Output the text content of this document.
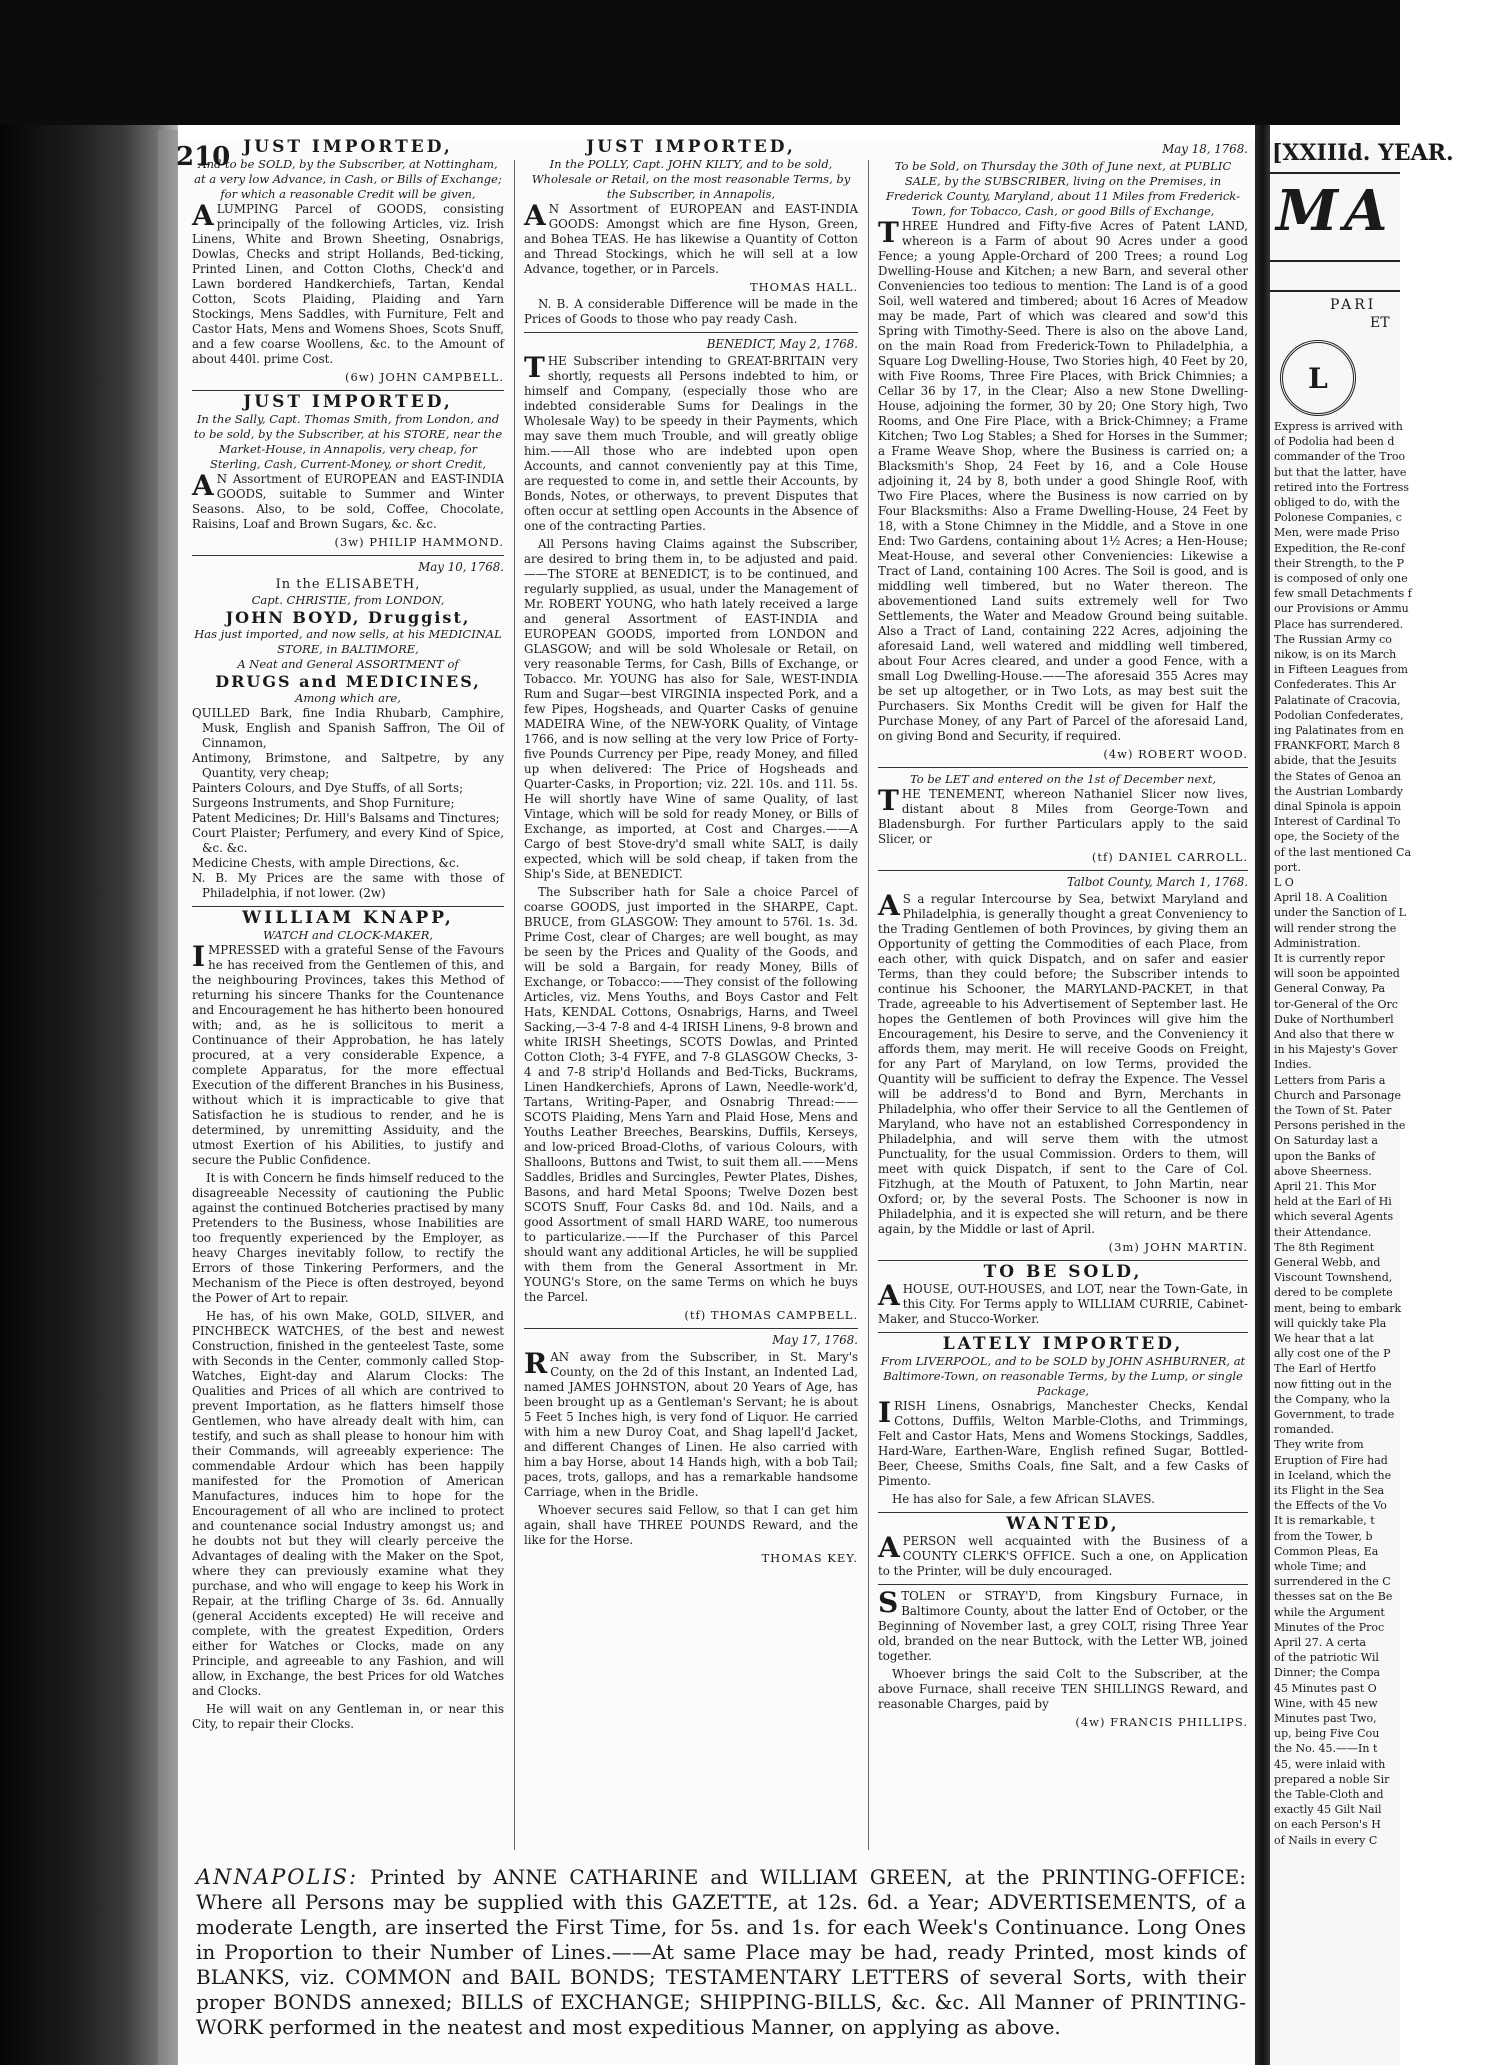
210 JUST IMPORTED,
And to be SOLD, by the Subscriber, at Nottingham, at a very low Advance, in Cash, or Bills of Exchange; for which a reasonable Credit will be given,

ALUMPING Parcel of GOODS, consisting principally of the following Articles, viz. Irish Linens, White and Brown Sheeting, Osnabrigs, Dowlas, Checks and stript Hollands, Bed-ticking, Printed Linen, and Cotton Cloths, Check'd and Lawn bordered Handkerchiefs, Tartan, Kendal Cotton, Scots Plaiding, Plaiding and Yarn Stockings, Mens Saddles, with Furniture, Felt and Castor Hats, Mens and Womens Shoes, Scots Snuff, and a few coarse Woollens, &c. to the Amount of about 440l. prime Cost.

(6w) JOHN CAMPBELL.
JUST IMPORTED,
In the Sally, Capt. Thomas Smith, from London, and to be sold, by the Subscriber, at his STORE, near the Market-House, in Annapolis, very cheap, for Sterling, Cash, Current-Money, or short Credit,

AN Assortment of EUROPEAN and EAST-INDIA GOODS, suitable to Summer and Winter Seasons. Also, to be sold, Coffee, Chocolate, Raisins, Loaf and Brown Sugars, &c. &c.

(3w) PHILIP HAMMOND.
May 10, 1768.
In the ELISABETH,
Capt. CHRISTIE, from LONDON,
JOHN BOYD, Druggist,
Has just imported, and now sells, at his MEDICINAL STORE, in BALTIMORE,
A Neat and General ASSORTMENT of
DRUGS and MEDICINES,
Among which are,
QUILLED Bark, fine India Rhubarb, Camphire, Musk, English and Spanish Saffron, The Oil of Cinnamon,
Antimony, Brimstone, and Saltpetre, by any Quantity, very cheap;
Painters Colours, and Dye Stuffs, of all Sorts;
Surgeons Instruments, and Shop Furniture;
Patent Medicines; Dr. Hill's Balsams and Tinctures;
Court Plaister; Perfumery, and every Kind of Spice, &c. &c.
Medicine Chests, with ample Directions, &c.
N. B. My Prices are the same with those of Philadelphia, if not lower. (2w)
WILLIAM KNAPP,
WATCH and CLOCK-MAKER,

IMPRESSED with a grateful Sense of the Favours he has received from the Gentlemen of this, and the neighbouring Provinces, takes this Method of returning his sincere Thanks for the Countenance and Encouragement he has hitherto been honoured with; and, as he is sollicitous to merit a Continuance of their Approbation, he has lately procured, at a very considerable Expence, a complete Apparatus, for the more effectual Execution of the different Branches in his Business, without which it is impracticable to give that Satisfaction he is studious to render, and he is determined, by unremitting Assiduity, and the utmost Exertion of his Abilities, to justify and secure the Public Confidence.

It is with Concern he finds himself reduced to the disagreeable Necessity of cautioning the Public against the continued Botcheries practised by many Pretenders to the Business, whose Inabilities are too frequently experienced by the Employer, as heavy Charges inevitably follow, to rectify the Errors of those Tinkering Performers, and the Mechanism of the Piece is often destroyed, beyond the Power of Art to repair.

He has, of his own Make, GOLD, SILVER, and PINCHBECK WATCHES, of the best and newest Construction, finished in the genteelest Taste, some with Seconds in the Center, commonly called Stop-Watches, Eight-day and Alarum Clocks: The Qualities and Prices of all which are contrived to prevent Importation, as he flatters himself those Gentlemen, who have already dealt with him, can testify, and such as shall please to honour him with their Commands, will agreeably experience: The commendable Ardour which has been happily manifested for the Promotion of American Manufactures, induces him to hope for the Encouragement of all who are inclined to protect and countenance social Industry amongst us; and he doubts not but they will clearly perceive the Advantages of dealing with the Maker on the Spot, where they can previously examine what they purchase, and who will engage to keep his Work in Repair, at the trifling Charge of 3s. 6d. Annually (general Accidents excepted) He will receive and complete, with the greatest Expedition, Orders either for Watches or Clocks, made on any Principle, and agreeable to any Fashion, and will allow, in Exchange, the best Prices for old Watches and Clocks.

He will wait on any Gentleman in, or near this City, to repair their Clocks.

JUST IMPORTED,
In the POLLY, Capt. JOHN KILTY, and to be sold, Wholesale or Retail, on the most reasonable Terms, by the Subscriber, in Annapolis,

AN Assortment of EUROPEAN and EAST-INDIA GOODS: Amongst which are fine Hyson, Green, and Bohea TEAS. He has likewise a Quantity of Cotton and Thread Stockings, which he will sell at a low Advance, together, or in Parcels.

THOMAS HALL.

N. B. A considerable Difference will be made in the Prices of Goods to those who pay ready Cash.

BENEDICT, May 2, 1768.

THE Subscriber intending to GREAT-BRITAIN very shortly, requests all Persons indebted to him, or himself and Company, (especially those who are indebted considerable Sums for Dealings in the Wholesale Way) to be speedy in their Payments, which may save them much Trouble, and will greatly oblige him.——All those who are indebted upon open Accounts, and cannot conveniently pay at this Time, are requested to come in, and settle their Accounts, by Bonds, Notes, or otherways, to prevent Disputes that often occur at settling open Accounts in the Absence of one of the contracting Parties.

All Persons having Claims against the Subscriber, are desired to bring them in, to be adjusted and paid.——The STORE at BENEDICT, is to be continued, and regularly supplied, as usual, under the Management of Mr. ROBERT YOUNG, who hath lately received a large and general Assortment of EAST-INDIA and EUROPEAN GOODS, imported from LONDON and GLASGOW; and will be sold Wholesale or Retail, on very reasonable Terms, for Cash, Bills of Exchange, or Tobacco. Mr. YOUNG has also for Sale, WEST-INDIA Rum and Sugar—best VIRGINIA inspected Pork, and a few Pipes, Hogsheads, and Quarter Casks of genuine MADEIRA Wine, of the NEW-YORK Quality, of Vintage 1766, and is now selling at the very low Price of Forty-five Pounds Currency per Pipe, ready Money, and filled up when delivered: The Price of Hogsheads and Quarter-Casks, in Proportion; viz. 22l. 10s. and 11l. 5s. He will shortly have Wine of same Quality, of last Vintage, which will be sold for ready Money, or Bills of Exchange, as imported, at Cost and Charges.——A Cargo of best Stove-dry'd small white SALT, is daily expected, which will be sold cheap, if taken from the Ship's Side, at BENEDICT.

The Subscriber hath for Sale a choice Parcel of coarse GOODS, just imported in the SHARPE, Capt. BRUCE, from GLASGOW: They amount to 576l. 1s. 3d. Prime Cost, clear of Charges; are well bought, as may be seen by the Prices and Quality of the Goods, and will be sold a Bargain, for ready Money, Bills of Exchange, or Tobacco:——They consist of the following Articles, viz. Mens Youths, and Boys Castor and Felt Hats, KENDAL Cottons, Osnabrigs, Harns, and Tweel Sacking,—3-4 7-8 and 4-4 IRISH Linens, 9-8 brown and white IRISH Sheetings, SCOTS Dowlas, and Printed Cotton Cloth; 3-4 FYFE, and 7-8 GLASGOW Checks, 3-4 and 7-8 strip'd Hollands and Bed-Ticks, Buckrams, Linen Handkerchiefs, Aprons of Lawn, Needle-work'd, Tartans, Writing-Paper, and Osnabrig Thread:——SCOTS Plaiding, Mens Yarn and Plaid Hose, Mens and Youths Leather Breeches, Bearskins, Duffils, Kerseys, and low-priced Broad-Cloths, of various Colours, with Shalloons, Buttons and Twist, to suit them all.——Mens Saddles, Bridles and Surcingles, Pewter Plates, Dishes, Basons, and hard Metal Spoons; Twelve Dozen best SCOTS Snuff, Four Casks 8d. and 10d. Nails, and a good Assortment of small HARD WARE, too numerous to particularize.——If the Purchaser of this Parcel should want any additional Articles, he will be supplied with them from the General Assortment in Mr. YOUNG's Store, on the same Terms on which he buys the Parcel.

(tf) THOMAS CAMPBELL.
May 17, 1768.

RAN away from the Subscriber, in St. Mary's County, on the 2d of this Instant, an Indented Lad, named JAMES JOHNSTON, about 20 Years of Age, has been brought up as a Gentleman's Servant; he is about 5 Feet 5 Inches high, is very fond of Liquor. He carried with him a new Duroy Coat, and Shag lapell'd Jacket, and different Changes of Linen. He also carried with him a bay Horse, about 14 Hands high, with a bob Tail; paces, trots, gallops, and has a remarkable handsome Carriage, when in the Bridle.

Whoever secures said Fellow, so that I can get him again, shall have THREE POUNDS Reward, and the like for the Horse.

THOMAS KEY.
May 18, 1768.
To be Sold, on Thursday the 30th of June next, at PUBLIC SALE, by the SUBSCRIBER, living on the Premises, in Frederick County, Maryland, about 11 Miles from Frederick-Town, for Tobacco, Cash, or good Bills of Exchange,

THREE Hundred and Fifty-five Acres of Patent LAND, whereon is a Farm of about 90 Acres under a good Fence; a young Apple-Orchard of 200 Trees; a round Log Dwelling-House and Kitchen; a new Barn, and several other Conveniencies too tedious to mention: The Land is of a good Soil, well watered and timbered; about 16 Acres of Meadow may be made, Part of which was cleared and sow'd this Spring with Timothy-Seed. There is also on the above Land, on the main Road from Frederick-Town to Philadelphia, a Square Log Dwelling-House, Two Stories high, 40 Feet by 20, with Five Rooms, Three Fire Places, with Brick Chimnies; a Cellar 36 by 17, in the Clear; Also a new Stone Dwelling-House, adjoining the former, 30 by 20; One Story high, Two Rooms, and One Fire Place, with a Brick-Chimney; a Frame Kitchen; Two Log Stables; a Shed for Horses in the Summer; a Frame Weave Shop, where the Business is carried on; a Blacksmith's Shop, 24 Feet by 16, and a Cole House adjoining it, 24 by 8, both under a good Shingle Roof, with Two Fire Places, where the Business is now carried on by Four Blacksmiths: Also a Frame Dwelling-House, 24 Feet by 18, with a Stone Chimney in the Middle, and a Stove in one End: Two Gardens, containing about 1½ Acres; a Hen-House; Meat-House, and several other Conveniencies: Likewise a Tract of Land, containing 100 Acres. The Soil is good, and is middling well timbered, but no Water thereon. The abovementioned Land suits extremely well for Two Settlements, the Water and Meadow Ground being suitable. Also a Tract of Land, containing 222 Acres, adjoining the aforesaid Land, well watered and middling well timbered, about Four Acres cleared, and under a good Fence, with a small Log Dwelling-House.——The aforesaid 355 Acres may be set up altogether, or in Two Lots, as may best suit the Purchasers. Six Months Credit will be given for Half the Purchase Money, of any Part of Parcel of the aforesaid Land, on giving Bond and Security, if required.

(4w) ROBERT WOOD.
To be LET and entered on the 1st of December next,

THE TENEMENT, whereon Nathaniel Slicer now lives, distant about 8 Miles from George-Town and Bladensburgh. For further Particulars apply to the said Slicer, or

(tf) DANIEL CARROLL.
Talbot County, March 1, 1768.

AS a regular Intercourse by Sea, betwixt Maryland and Philadelphia, is generally thought a great Conveniency to the Trading Gentlemen of both Provinces, by giving them an Opportunity of getting the Commodities of each Place, from each other, with quick Dispatch, and on safer and easier Terms, than they could before; the Subscriber intends to continue his Schooner, the MARYLAND-PACKET, in that Trade, agreeable to his Advertisement of September last. He hopes the Gentlemen of both Provinces will give him the Encouragement, his Desire to serve, and the Conveniency it affords them, may merit. He will receive Goods on Freight, for any Part of Maryland, on low Terms, provided the Quantity will be sufficient to defray the Expence. The Vessel will be address'd to Bond and Byrn, Merchants in Philadelphia, who offer their Service to all the Gentlemen of Maryland, who have not an established Correspondency in Philadelphia, and will serve them with the utmost Punctuality, for the usual Commission. Orders to them, will meet with quick Dispatch, if sent to the Care of Col. Fitzhugh, at the Mouth of Patuxent, to John Martin, near Oxford; or, by the several Posts. The Schooner is now in Philadelphia, and it is expected she will return, and be there again, by the Middle or last of April.

(3m) JOHN MARTIN.
TO BE SOLD,

AHOUSE, OUT-HOUSES, and LOT, near the Town-Gate, in this City. For Terms apply to WILLIAM CURRIE, Cabinet-Maker, and Stucco-Worker.

LATELY IMPORTED,
From LIVERPOOL, and to be SOLD by JOHN ASHBURNER, at Baltimore-Town, on reasonable Terms, by the Lump, or single Package,

IRISH Linens, Osnabrigs, Manchester Checks, Kendal Cottons, Duffils, Welton Marble-Cloths, and Trimmings, Felt and Castor Hats, Mens and Womens Stockings, Saddles, Hard-Ware, Earthen-Ware, English refined Sugar, Bottled-Beer, Cheese, Smiths Coals, fine Salt, and a few Casks of Pimento.

He has also for Sale, a few African SLAVES.

WANTED,

APERSON well acquainted with the Business of a COUNTY CLERK'S OFFICE. Such a one, on Application to the Printer, will be duly encouraged.

STOLEN or STRAY'D, from Kingsbury Furnace, in Baltimore County, about the latter End of October, or the Beginning of November last, a grey COLT, rising Three Year old, branded on the near Buttock, with the Letter WB, joined together.

Whoever brings the said Colt to the Subscriber, at the above Furnace, shall receive TEN SHILLINGS Reward, and reasonable Charges, paid by

(4w) FRANCIS PHILLIPS.
ANNAPOLIS: Printed by ANNE CATHARINE and WILLIAM GREEN, at the PRINTING-OFFICE: Where all Persons may be supplied with this GAZETTE, at 12s. 6d. a Year; ADVERTISEMENTS, of a moderate Length, are inserted the First Time, for 5s. and 1s. for each Week's Continuance. Long Ones in Proportion to their Number of Lines.——At same Place may be had, ready Printed, most kinds of BLANKS, viz. COMMON and BAIL BONDS; TESTAMENTARY LETTERS of several Sorts, with their proper BONDS annexed; BILLS of EXCHANGE; SHIPPING-BILLS, &c. &c. All Manner of PRINTING-WORK performed in the neatest and most expeditious Manner, on applying as above.
[XXIIId. YEAR.
MA
PARI
ET
L
Express is arrived with
of Podolia had been d
commander of the Troo
but that the latter, have
retired into the Fortress
obliged to do, with the
Polonese Companies, c
Men, were made Priso
Expedition, the Re-conf
their Strength, to the P
is composed of only one
few small Detachments f
our Provisions or Ammu
Place has surrendered.
The Russian Army co
nikow, is on its March
in Fifteen Leagues from
Confederates. This Ar
Palatinate of Cracovia,
Podolian Confederates,
ing Palatinates from en
FRANKFORT, March 8
abide, that the Jesuits
the States of Genoa an
the Austrian Lombardy
dinal Spinola is appoin
Interest of Cardinal To
ope, the Society of the
of the last mentioned Ca
port.
L O
April 18. A Coalition
under the Sanction of L
will render strong the
Administration.
It is currently repor
will soon be appointed
General Conway, Pa
tor-General of the Orc
Duke of Northumberl
And also that there w
in his Majesty's Gover
Indies.
Letters from Paris a
Church and Parsonage
the Town of St. Pater
Persons perished in the
On Saturday last a
upon the Banks of
above Sheerness.
April 21. This Mor
held at the Earl of Hi
which several Agents
their Attendance.
The 8th Regiment
General Webb, and
Viscount Townshend,
dered to be complete
ment, being to embark
will quickly take Pla
We hear that a lat
ally cost one of the P
The Earl of Hertfo
now fitting out in the
the Company, who la
Government, to trade
romanded.
They write from
Eruption of Fire had
in Iceland, which the
its Flight in the Sea
the Effects of the Vo
It is remarkable, t
from the Tower, b
Common Pleas, Ea
whole Time; and
surrendered in the C
thesses sat on the Be
while the Argument
Minutes of the Proc
April 27. A certa
of the patriotic Wil
Dinner; the Compa
45 Minutes past O
Wine, with 45 new
Minutes past Two,
up, being Five Cou
the No. 45.——In t
45, were inlaid with
prepared a noble Sir
the Table-Cloth and
exactly 45 Gilt Nail
on each Person's H
of Nails in every C
